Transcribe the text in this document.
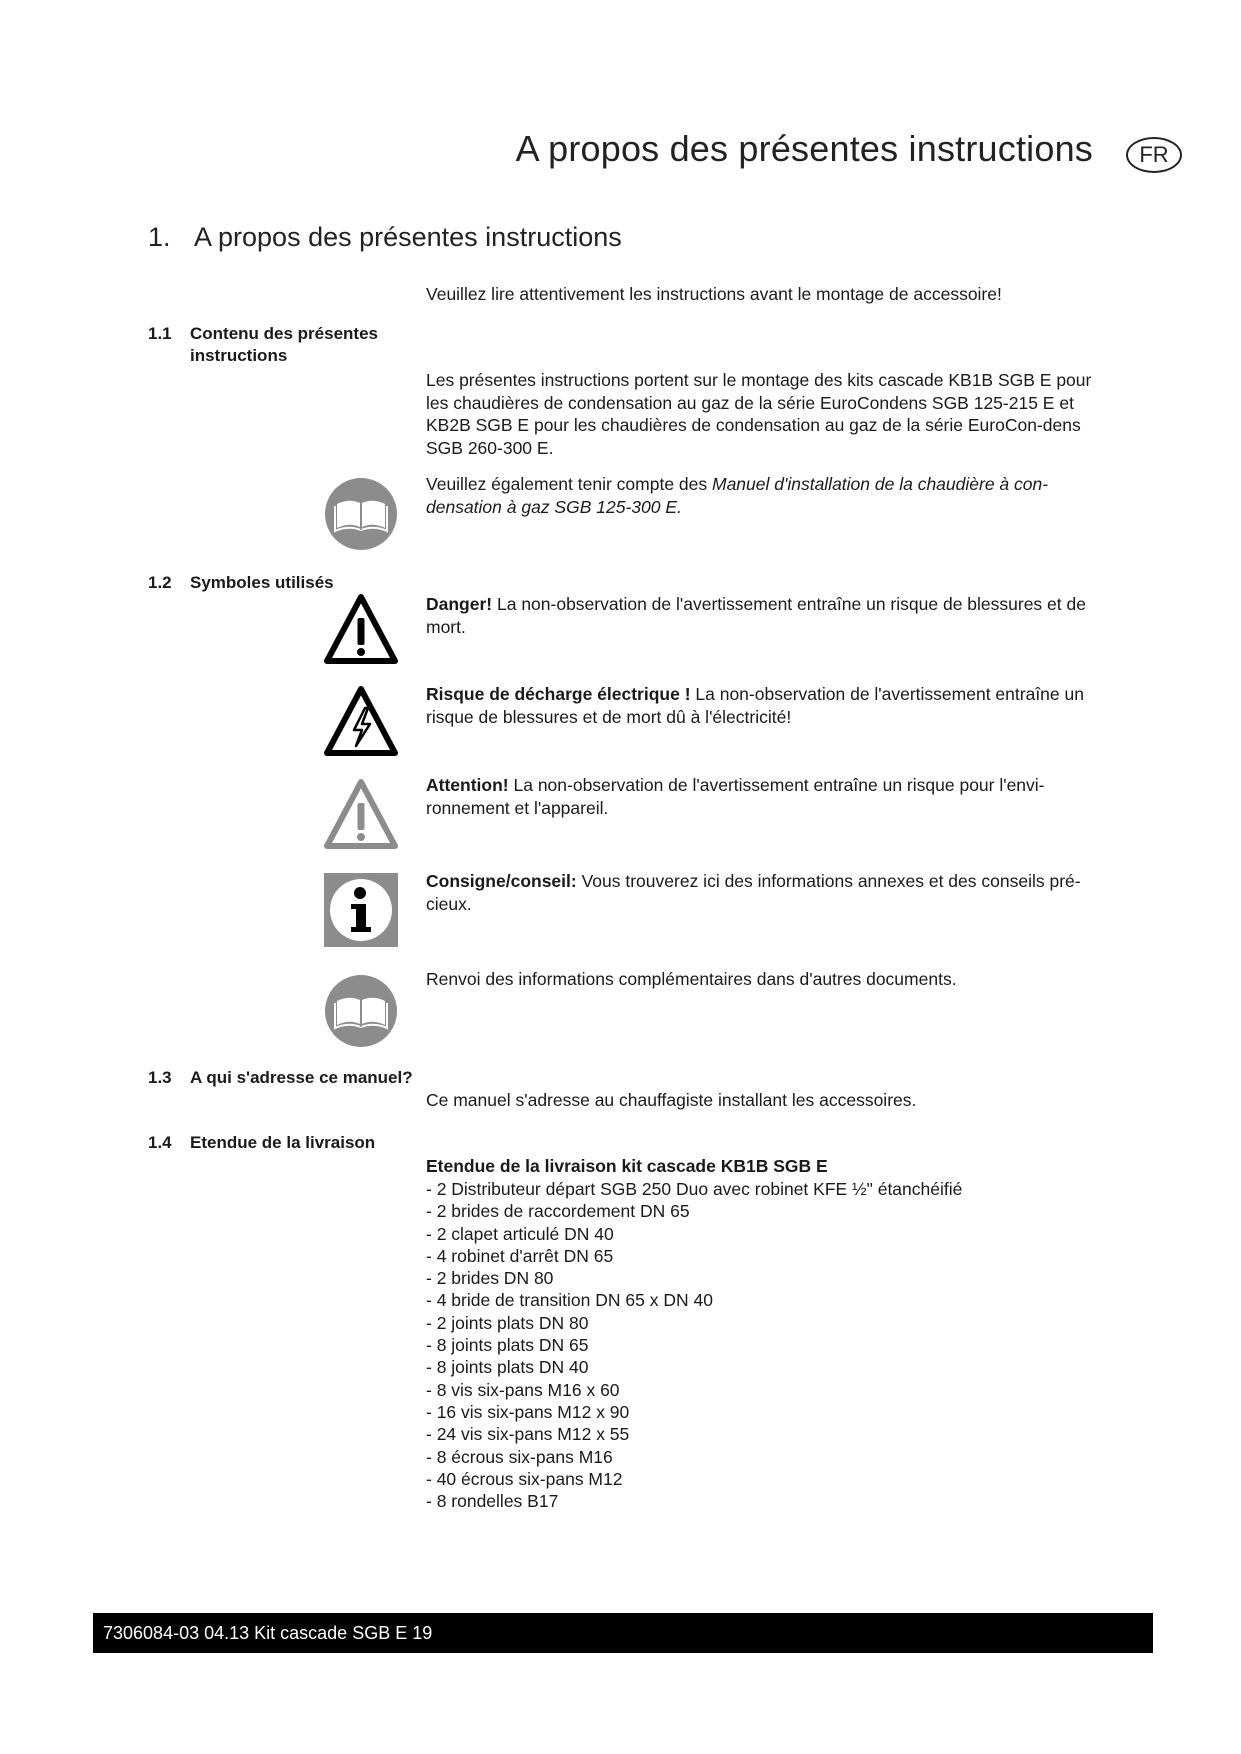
A propos des présentes instructions	FR
1. A propos des présentes instructions
Veuillez lire attentivement les instructions avant le montage de accessoire!
1.1 Contenu des présentes instructions
Les présentes instructions portent sur le montage des kits cascade KB1B SGB E pour les chaudières de condensation au gaz de la série EuroCondens SGB 125-215 E et KB2B SGB E pour les chaudières de condensation au gaz de la série EuroCon-dens SGB 260-300 E.
Veuillez également tenir compte des Manuel d'installation de la chaudière à con-densation à gaz SGB 125-300 E.
1.2 Symboles utilisés
Danger! La non-observation de l'avertissement entraîne un risque de blessures et de mort.
Risque de décharge électrique ! La non-observation de l'avertissement entraîne un risque de blessures et de mort dû à l'électricité!
Attention! La non-observation de l'avertissement entraîne un risque pour l'envi-ronnement et l'appareil.
Consigne/conseil: Vous trouverez ici des informations annexes et des conseils pré-cieux.
Renvoi des informations complémentaires dans d'autres documents.
1.3 A qui s'adresse ce manuel?
Ce manuel s'adresse au chauffagiste installant les accessoires.
1.4 Etendue de la livraison
Etendue de la livraison kit cascade KB1B SGB E
- 2 Distributeur départ SGB 250 Duo avec robinet KFE ½" étanchéifié
- 2 brides de raccordement DN 65
- 2 clapet articulé DN 40
- 4 robinet d'arrêt DN 65
- 2 brides DN 80
- 4 bride de transition DN 65 x DN 40
- 2 joints plats DN 80
- 8 joints plats DN 65
- 8 joints plats DN 40
- 8 vis six-pans M16 x 60
- 16 vis six-pans M12 x 90
- 24 vis six-pans M12 x 55
- 8 écrous six-pans M16
- 40 écrous six-pans M12
- 8 rondelles B17
7306084-03 04.13 Kit cascade SGB E 19
